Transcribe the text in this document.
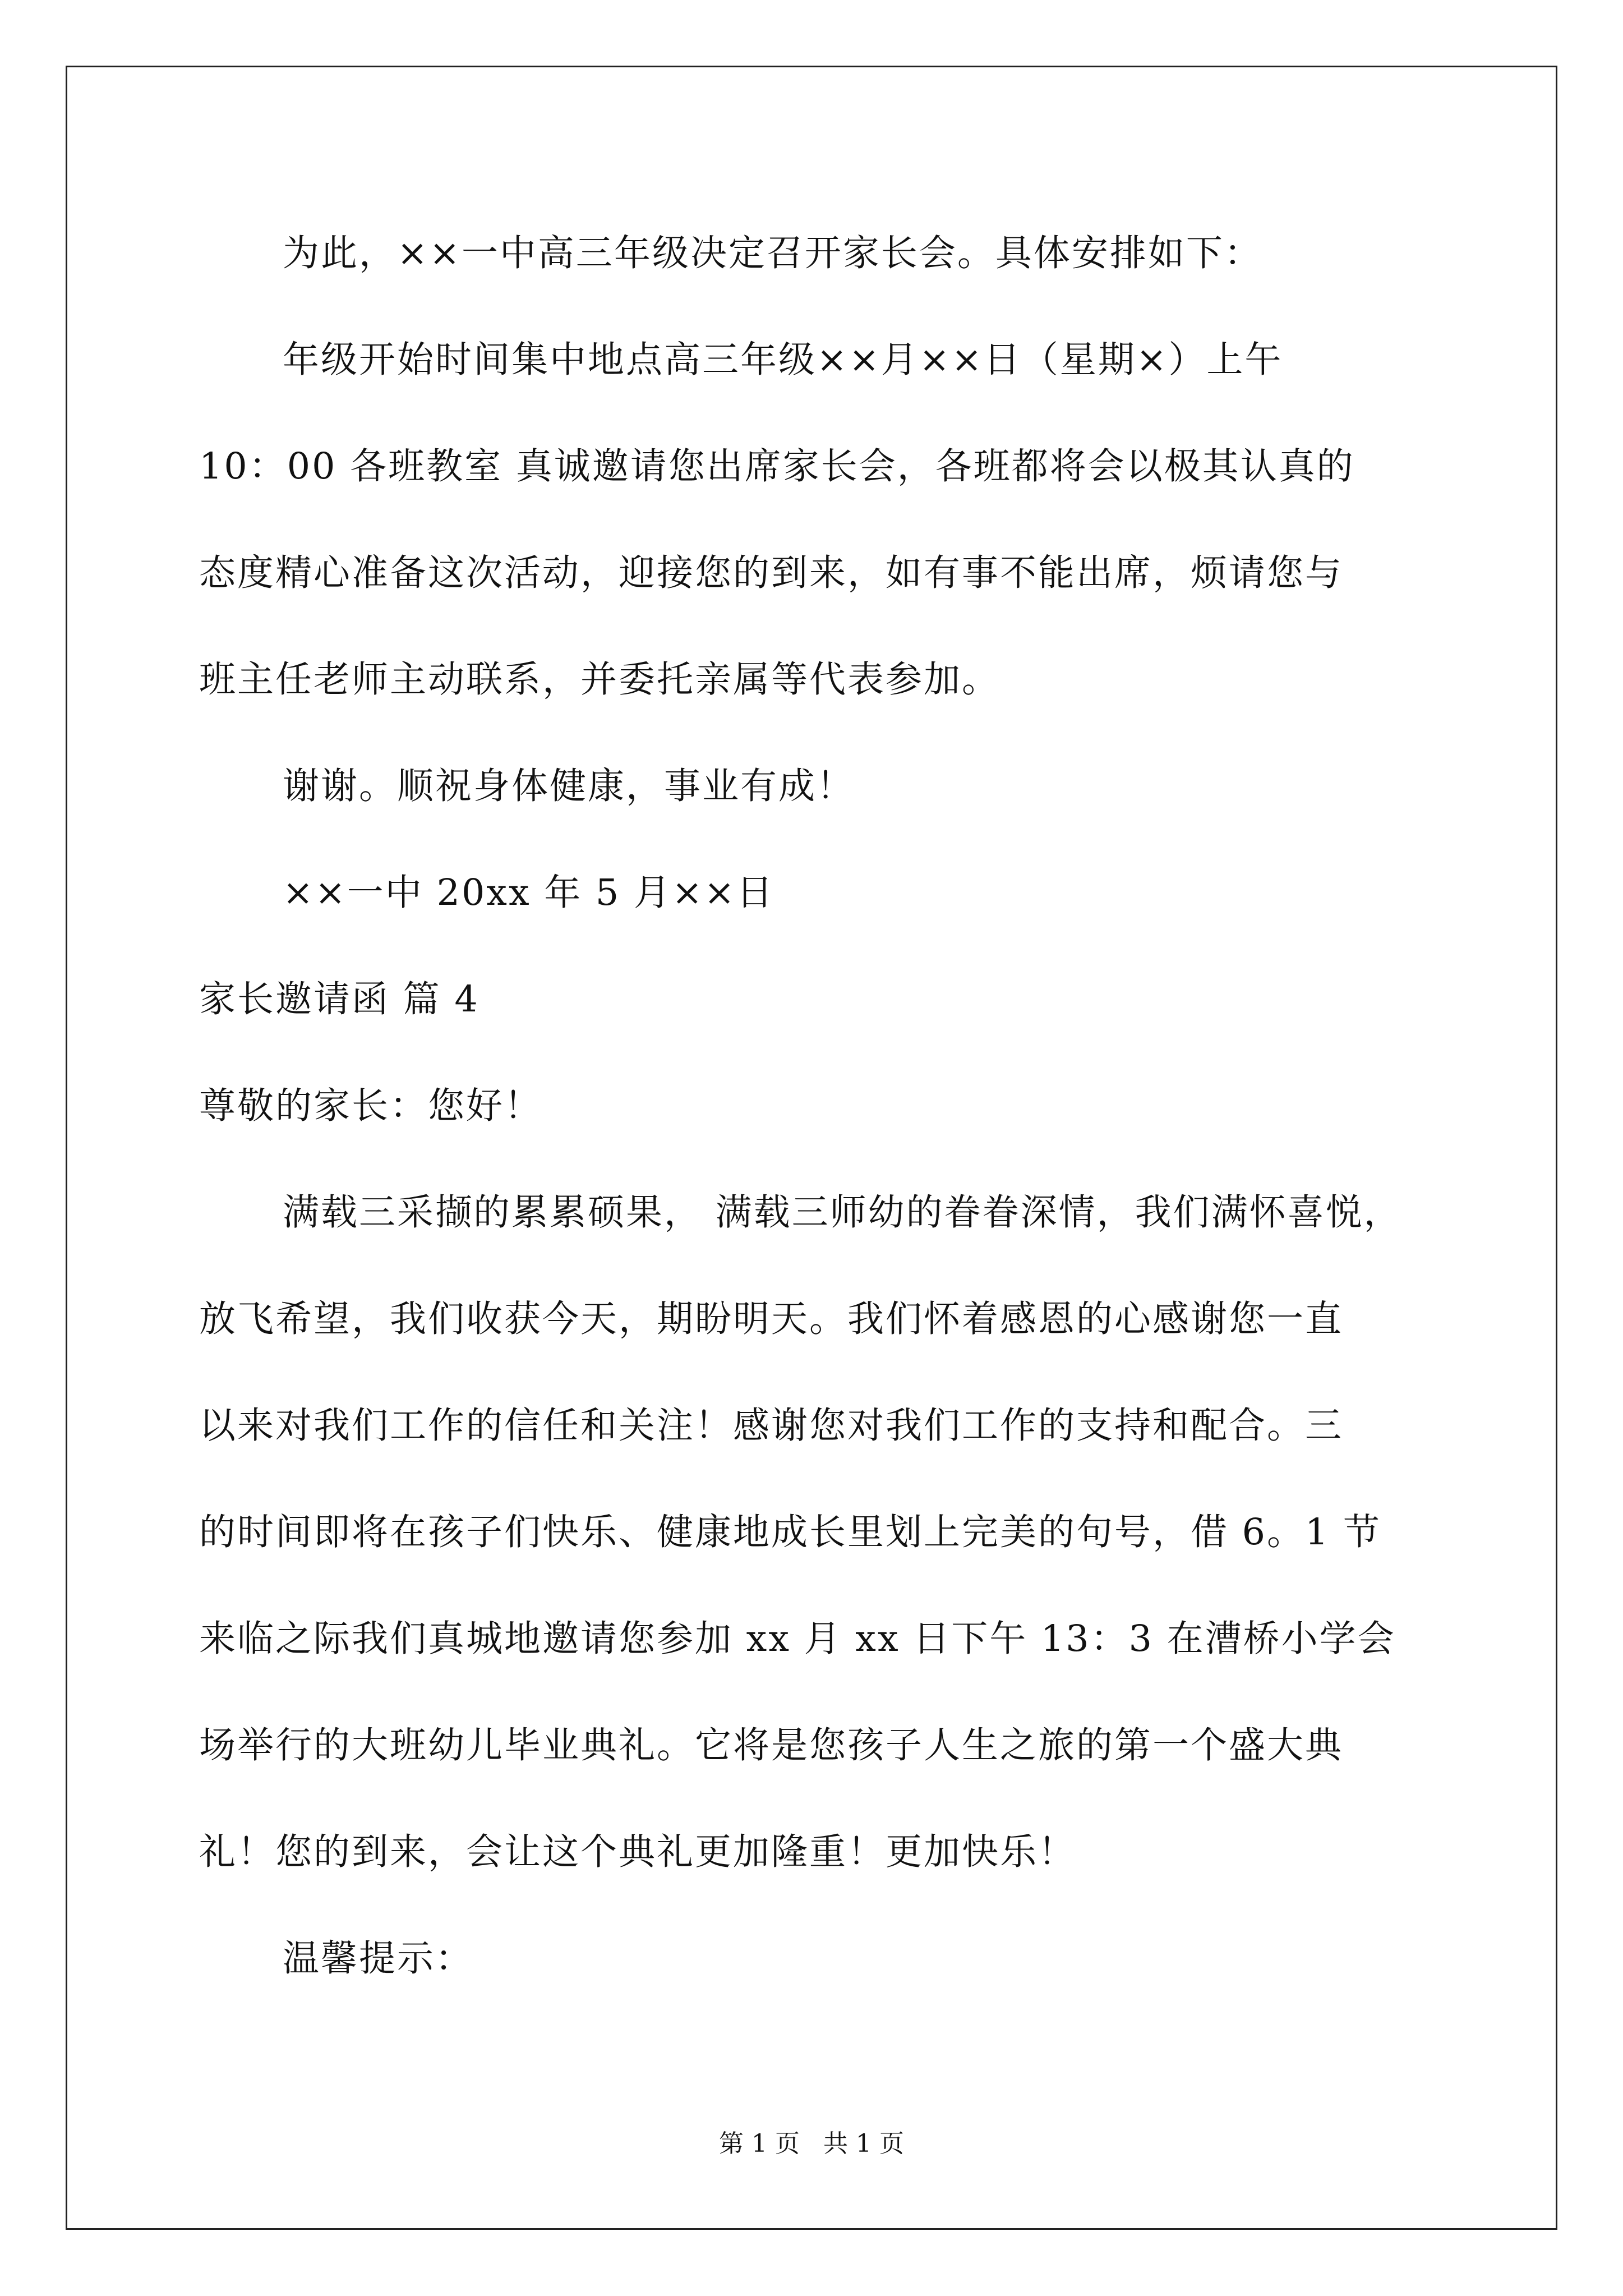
为此，××一中高三年级决定召开家长会。具体安排如下：
年级开始时间集中地点高三年级××月××日（星期×）上午
10：00 各班教室 真诚邀请您出席家长会，各班都将会以极其认真的
态度精心准备这次活动，迎接您的到来，如有事不能出席，烦请您与
班主任老师主动联系，并委托亲属等代表参加。
谢谢。顺祝身体健康，事业有成！
××一中 20xx 年 5 月××日
家长邀请函 篇 4
尊敬的家长：您好！
满载三采撷的累累硕果， 满载三师幼的眷眷深情，我们满怀喜悦，
放飞希望，我们收获今天，期盼明天。我们怀着感恩的心感谢您一直
以来对我们工作的信任和关注！感谢您对我们工作的支持和配合。三
的时间即将在孩子们快乐、健康地成长里划上完美的句号，借 6。1 节
来临之际我们真城地邀请您参加 xx 月 xx 日下午 13：3 在漕桥小学会
场举行的大班幼儿毕业典礼。它将是您孩子人生之旅的第一个盛大典
礼！您的到来，会让这个典礼更加隆重！更加快乐！
温馨提示：
第 1 页   共 1 页
